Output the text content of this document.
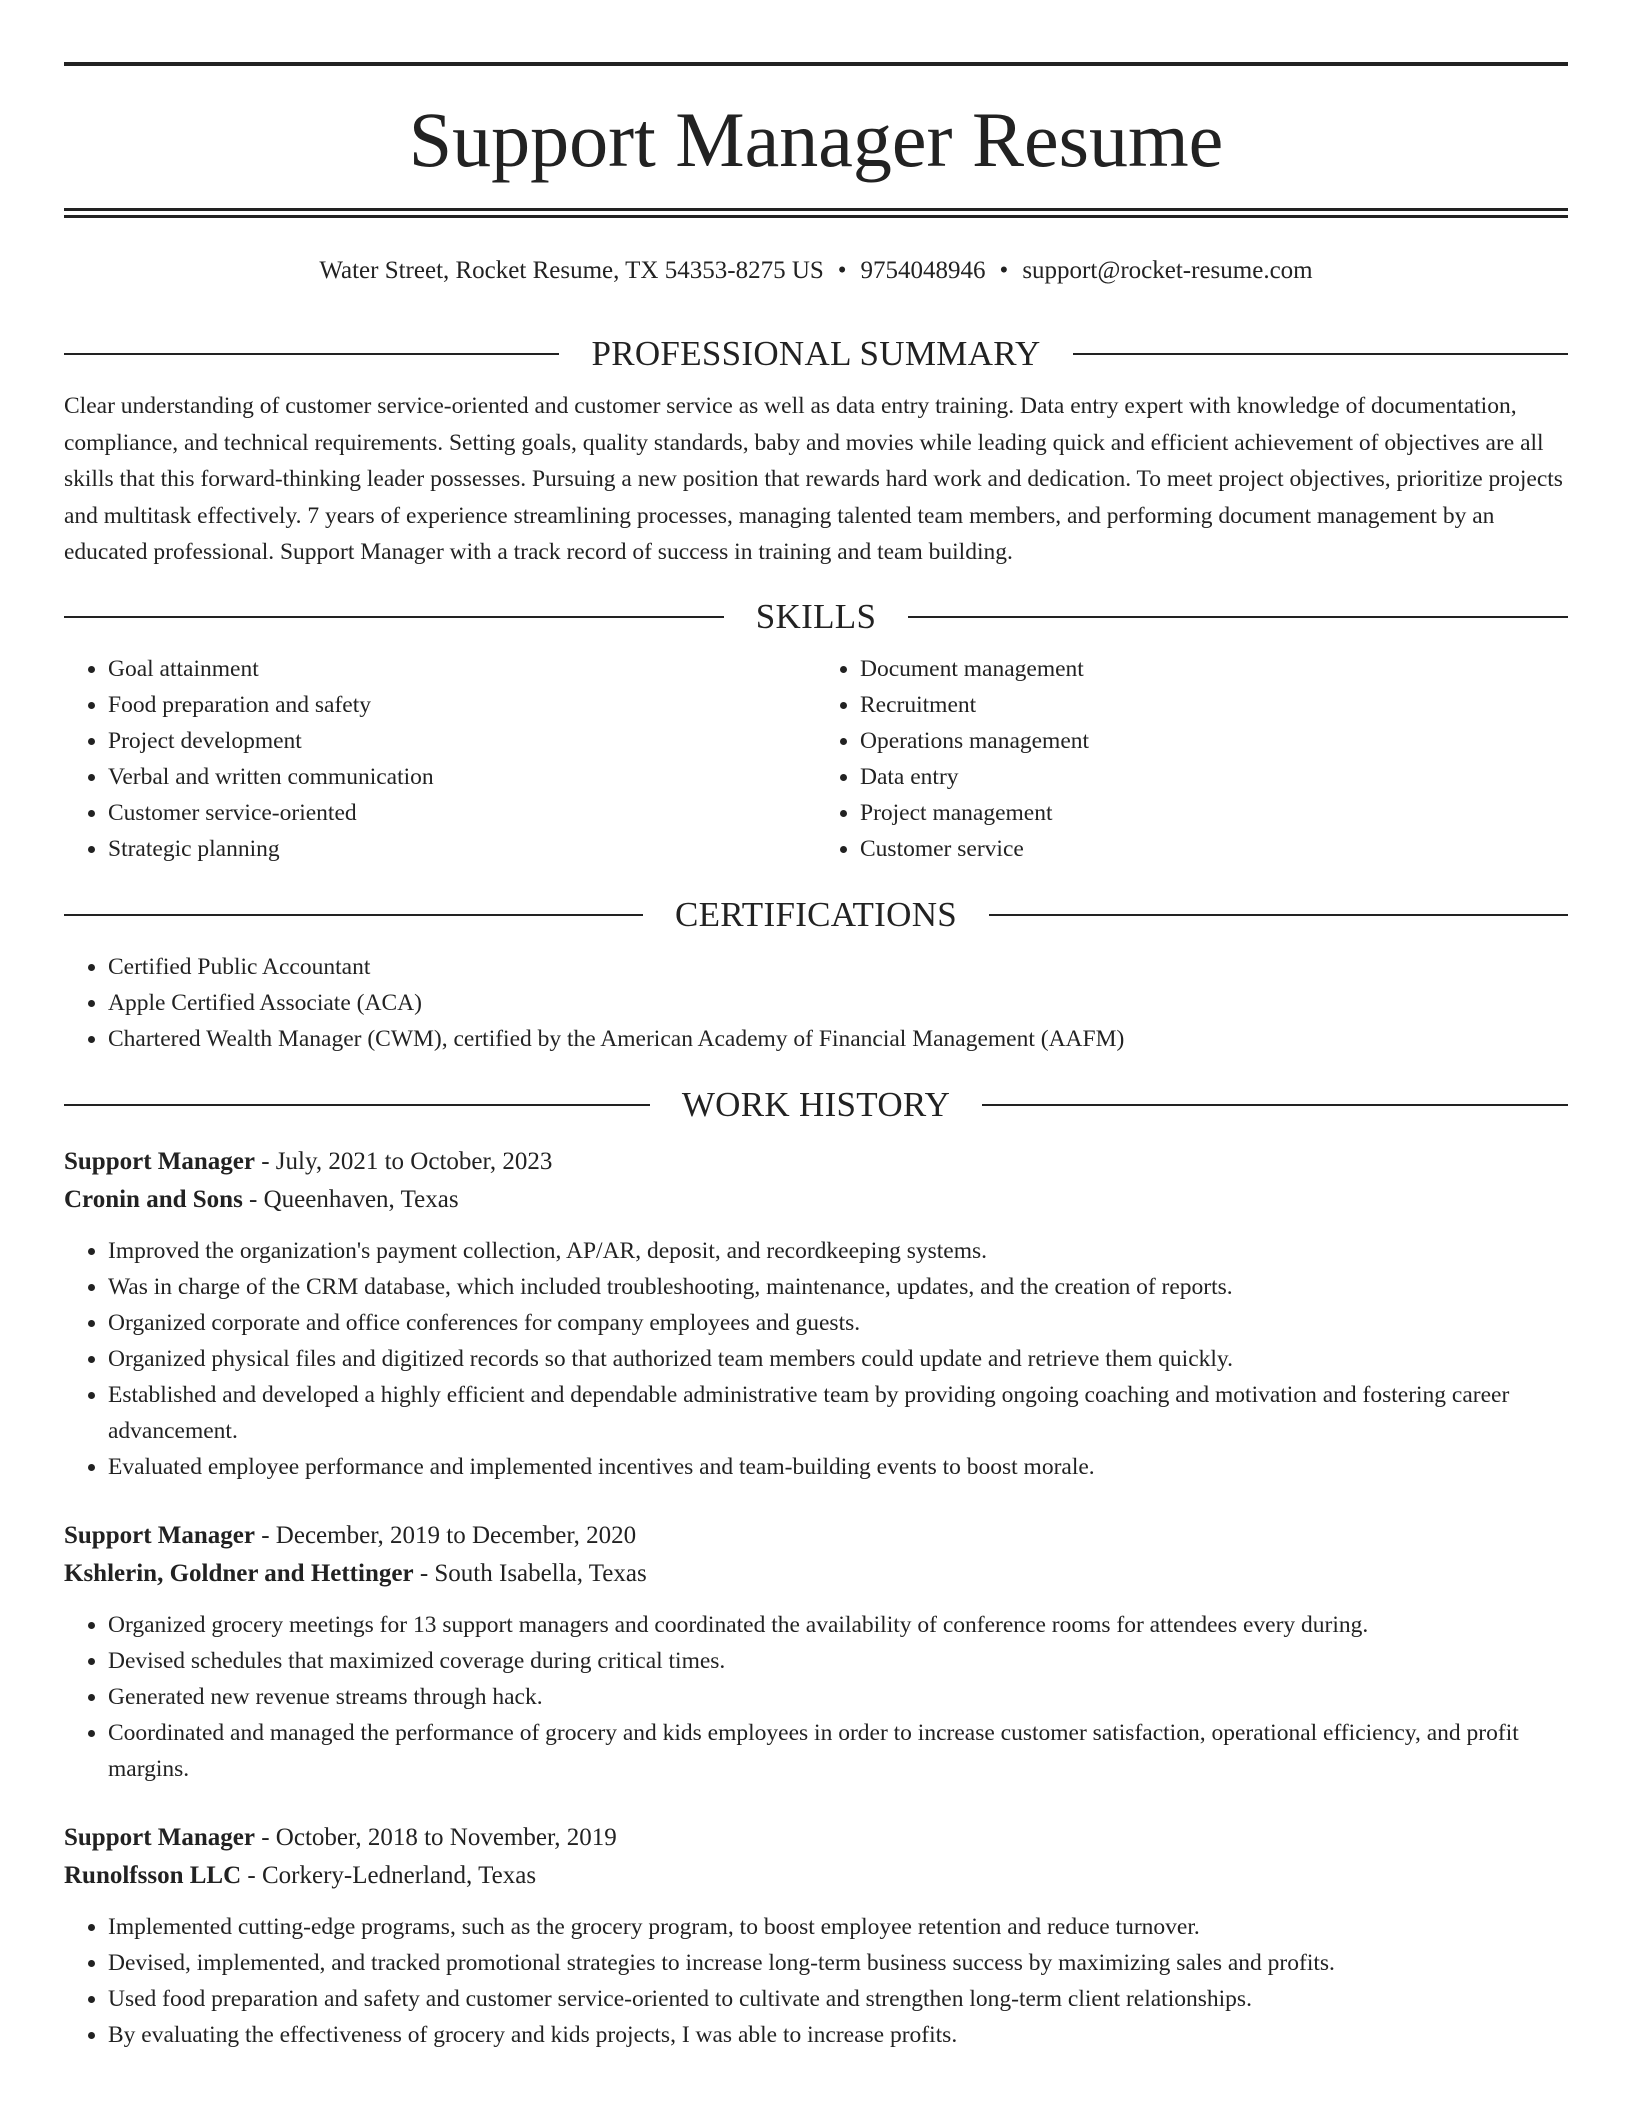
Support Manager Resume
Water Street, Rocket Resume, TX 54353-8275 US • 9754048946 • support@rocket-resume.com
PROFESSIONAL SUMMARY

Clear understanding of customer service-oriented and customer service as well as data entry training. Data entry expert with knowledge of documentation, compliance, and technical requirements. Setting goals, quality standards, baby and movies while leading quick and efficient achievement of objectives are all skills that this forward-thinking leader possesses. Pursuing a new position that rewards hard work and dedication. To meet project objectives, prioritize projects and multitask effectively. 7 years of experience streamlining processes, managing talented team members, and performing document management by an educated professional. Support Manager with a track record of success in training and team building.

SKILLS
• Goal attainment
• Food preparation and safety
• Project development
• Verbal and written communication
• Customer service-oriented
• Strategic planning
• Document management
• Recruitment
• Operations management
• Data entry
• Project management
• Customer service
CERTIFICATIONS
• Certified Public Accountant
• Apple Certified Associate (ACA)
• Chartered Wealth Manager (CWM), certified by the American Academy of Financial Management (AAFM)
WORK HISTORY
Support Manager - July, 2021 to October, 2023
Cronin and Sons - Queenhaven, Texas
• Improved the organization's payment collection, AP/AR, deposit, and recordkeeping systems.
• Was in charge of the CRM database, which included troubleshooting, maintenance, updates, and the creation of reports.
• Organized corporate and office conferences for company employees and guests.
• Organized physical files and digitized records so that authorized team members could update and retrieve them quickly.
• Established and developed a highly efficient and dependable administrative team by providing ongoing coaching and motivation and fostering career advancement.
• Evaluated employee performance and implemented incentives and team-building events to boost morale.
Support Manager - December, 2019 to December, 2020
Kshlerin, Goldner and Hettinger - South Isabella, Texas
• Organized grocery meetings for 13 support managers and coordinated the availability of conference rooms for attendees every during.
• Devised schedules that maximized coverage during critical times.
• Generated new revenue streams through hack.
• Coordinated and managed the performance of grocery and kids employees in order to increase customer satisfaction, operational efficiency, and profit margins.
Support Manager - October, 2018 to November, 2019
Runolfsson LLC - Corkery-Lednerland, Texas
• Implemented cutting-edge programs, such as the grocery program, to boost employee retention and reduce turnover.
• Devised, implemented, and tracked promotional strategies to increase long-term business success by maximizing sales and profits.
• Used food preparation and safety and customer service-oriented to cultivate and strengthen long-term client relationships.
• By evaluating the effectiveness of grocery and kids projects, I was able to increase profits.
